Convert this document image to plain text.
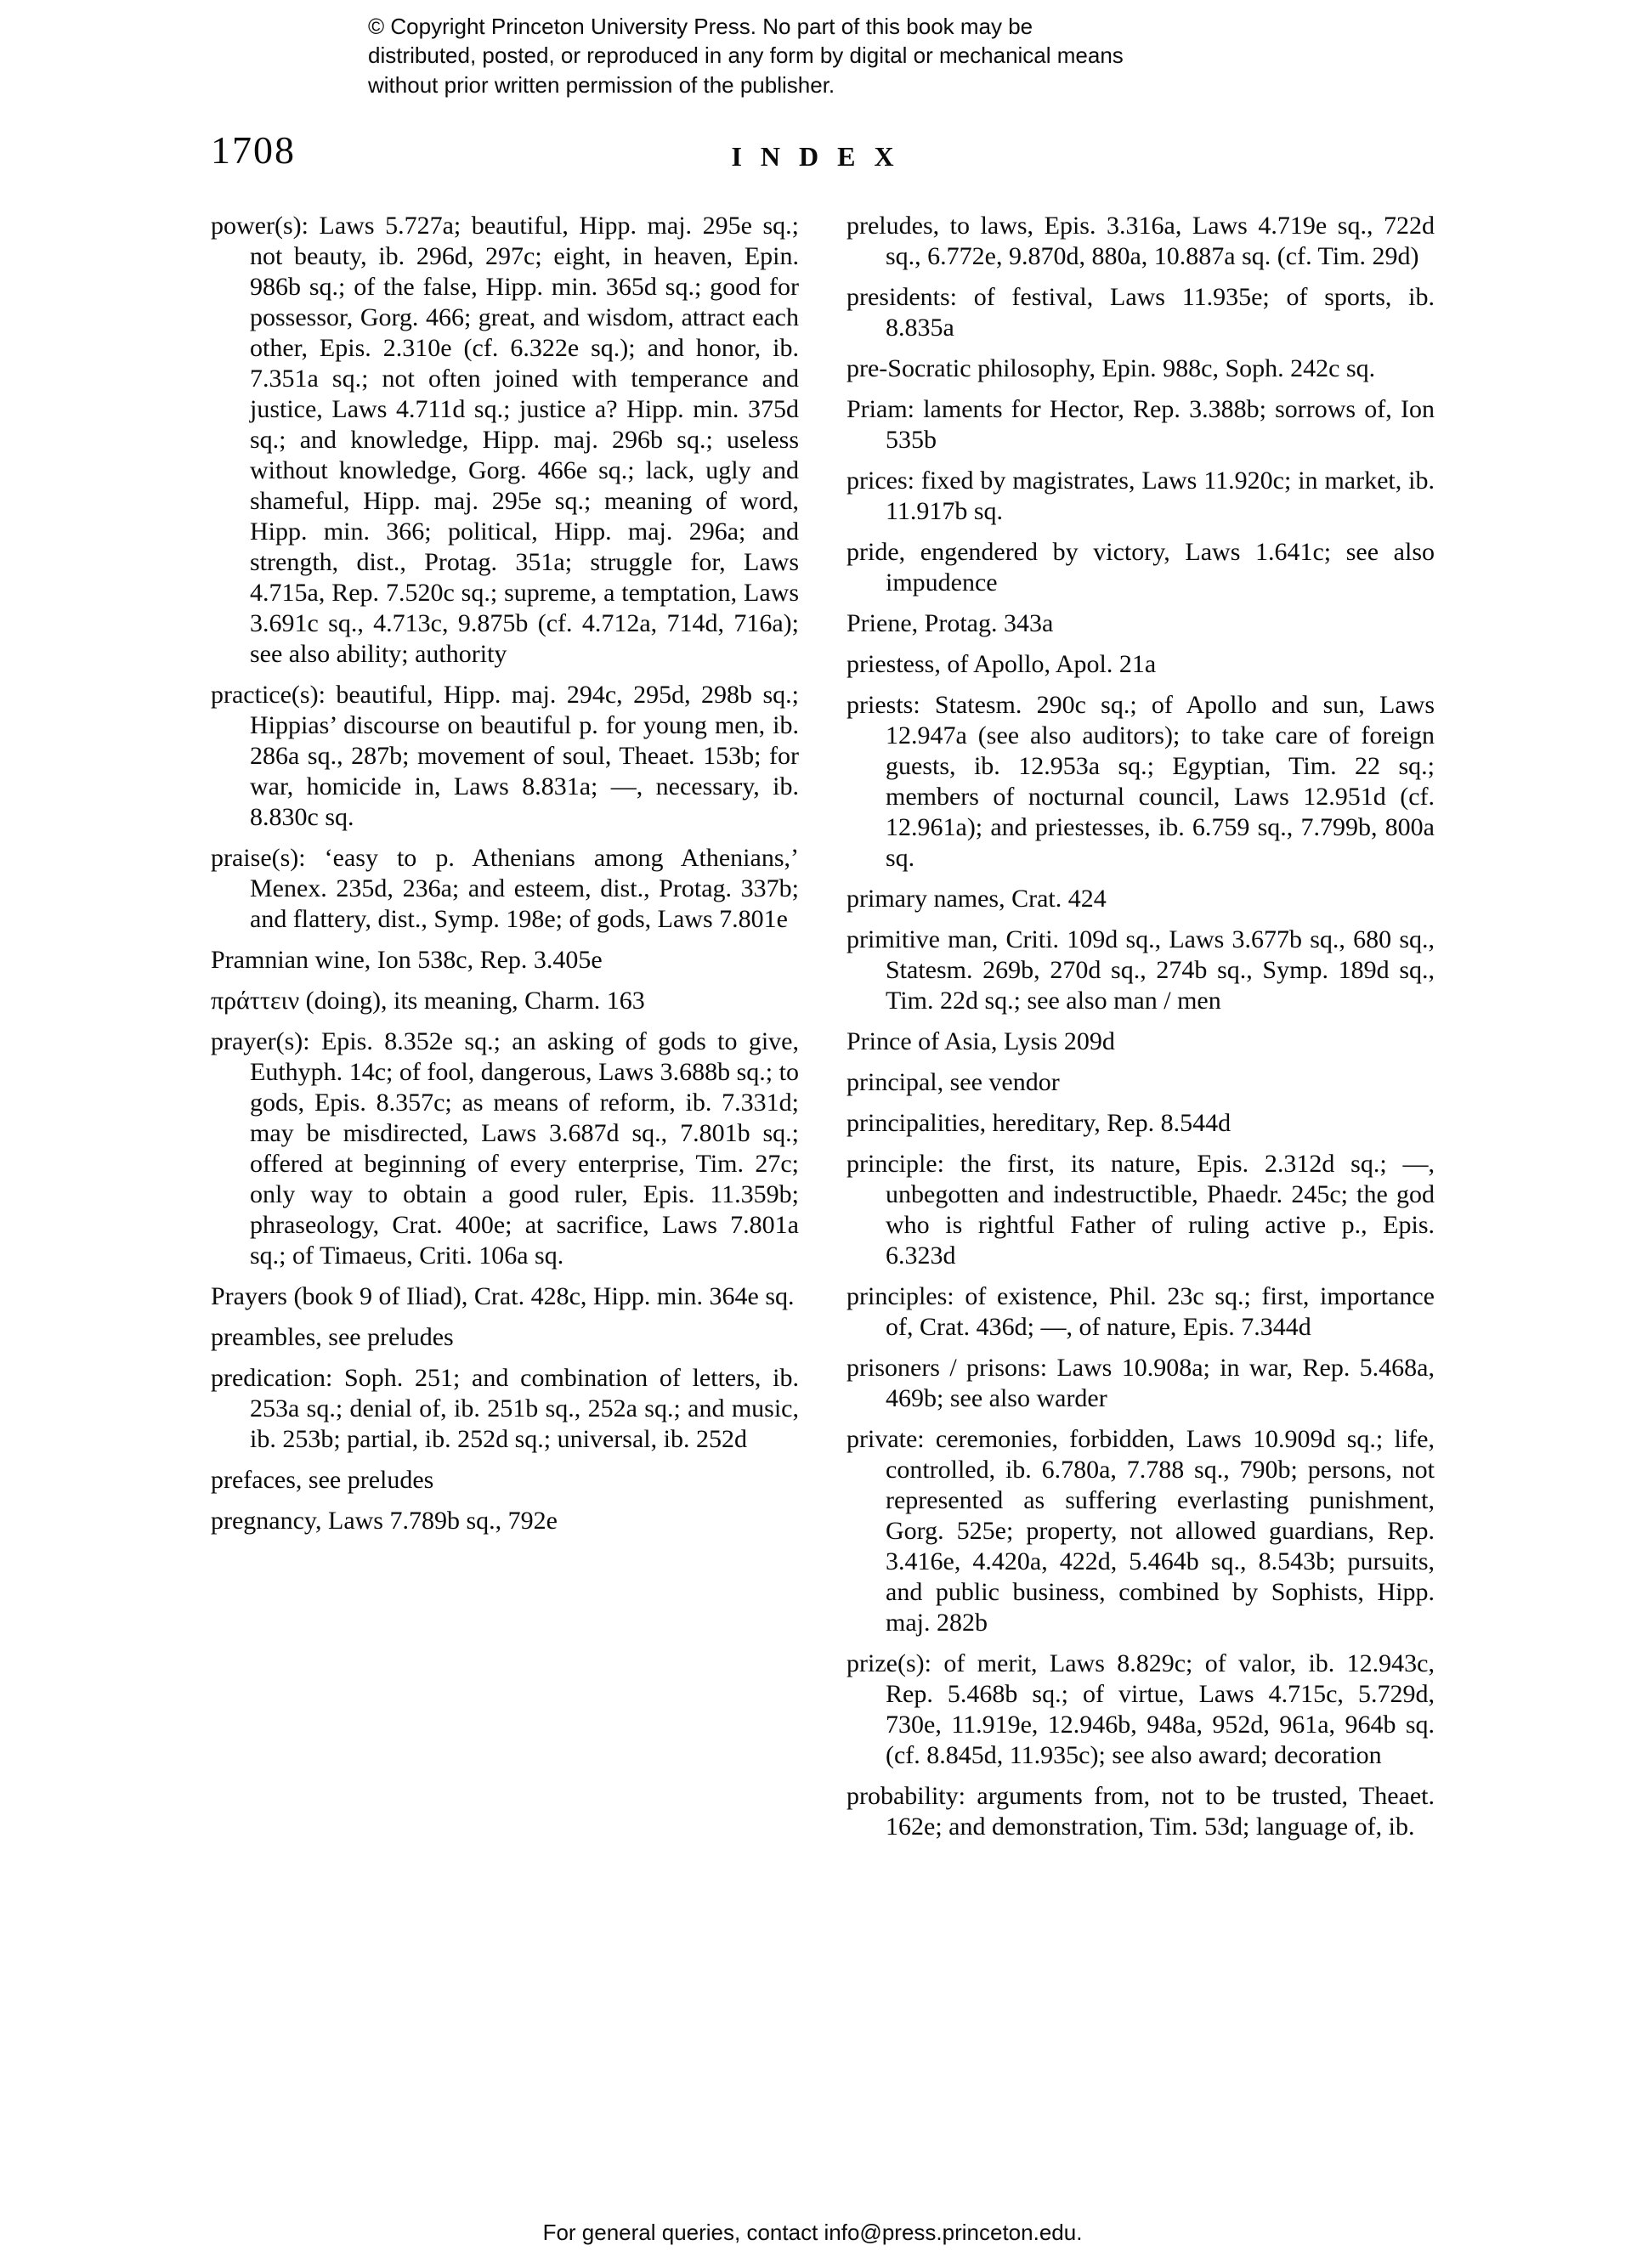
© Copyright Princeton University Press. No part of this book may be distributed, posted, or reproduced in any form by digital or mechanical means without prior written permission of the publisher.
1708	INDEX

power(s): Laws 5.727a; beautiful, Hipp. maj. 295e sq.; not beauty, ib. 296d, 297c; eight, in heaven, Epin. 986b sq.; of the false, Hipp. min. 365d sq.; good for possessor, Gorg. 466; great, and wisdom, attract each other, Epis. 2.310e (cf. 6.322e sq.); and honor, ib. 7.351a sq.; not often joined with temperance and justice, Laws 4.711d sq.; justice a? Hipp. min. 375d sq.; and knowledge, Hipp. maj. 296b sq.; useless without knowledge, Gorg. 466e sq.; lack, ugly and shameful, Hipp. maj. 295e sq.; meaning of word, Hipp. min. 366; political, Hipp. maj. 296a; and strength, dist., Protag. 351a; struggle for, Laws 4.715a, Rep. 7.520c sq.; supreme, a temptation, Laws 3.691c sq., 4.713c, 9.875b (cf. 4.712a, 714d, 716a); see also ability; authority

practice(s): beautiful, Hipp. maj. 294c, 295d, 298b sq.; Hippias’ discourse on beautiful p. for young men, ib. 286a sq., 287b; movement of soul, Theaet. 153b; for war, homicide in, Laws 8.831a; —, necessary, ib. 8.830c sq.

praise(s): ‘easy to p. Athenians among Athenians,’ Menex. 235d, 236a; and esteem, dist., Protag. 337b; and flattery, dist., Symp. 198e; of gods, Laws 7.801e

Pramnian wine, Ion 538c, Rep. 3.405e

πράττειν (doing), its meaning, Charm. 163

prayer(s): Epis. 8.352e sq.; an asking of gods to give, Euthyph. 14c; of fool, dangerous, Laws 3.688b sq.; to gods, Epis. 8.357c; as means of reform, ib. 7.331d; may be misdirected, Laws 3.687d sq., 7.801b sq.; offered at beginning of every enterprise, Tim. 27c; only way to obtain a good ruler, Epis. 11.359b; phraseology, Crat. 400e; at sacrifice, Laws 7.801a sq.; of Timaeus, Criti. 106a sq.

Prayers (book 9 of Iliad), Crat. 428c, Hipp. min. 364e sq.

preambles, see preludes

predication: Soph. 251; and combination of letters, ib. 253a sq.; denial of, ib. 251b sq., 252a sq.; and music, ib. 253b; partial, ib. 252d sq.; universal, ib. 252d

prefaces, see preludes

pregnancy, Laws 7.789b sq., 792e

preludes, to laws, Epis. 3.316a, Laws 4.719e sq., 722d sq., 6.772e, 9.870d, 880a, 10.887a sq. (cf. Tim. 29d)

presidents: of festival, Laws 11.935e; of sports, ib. 8.835a

pre-Socratic philosophy, Epin. 988c, Soph. 242c sq.

Priam: laments for Hector, Rep. 3.388b; sorrows of, Ion 535b

prices: fixed by magistrates, Laws 11.920c; in market, ib. 11.917b sq.

pride, engendered by victory, Laws 1.641c; see also impudence

Priene, Protag. 343a

priestess, of Apollo, Apol. 21a

priests: Statesm. 290c sq.; of Apollo and sun, Laws 12.947a (see also auditors); to take care of foreign guests, ib. 12.953a sq.; Egyptian, Tim. 22 sq.; members of nocturnal council, Laws 12.951d (cf. 12.961a); and priestesses, ib. 6.759 sq., 7.799b, 800a sq.

primary names, Crat. 424

primitive man, Criti. 109d sq., Laws 3.677b sq., 680 sq., Statesm. 269b, 270d sq., 274b sq., Symp. 189d sq., Tim. 22d sq.; see also man / men

Prince of Asia, Lysis 209d

principal, see vendor

principalities, hereditary, Rep. 8.544d

principle: the first, its nature, Epis. 2.312d sq.; —, unbegotten and indestructible, Phaedr. 245c; the god who is rightful Father of ruling active p., Epis. 6.323d

principles: of existence, Phil. 23c sq.; first, importance of, Crat. 436d; —, of nature, Epis. 7.344d

prisoners / prisons: Laws 10.908a; in war, Rep. 5.468a, 469b; see also warder

private: ceremonies, forbidden, Laws 10.909d sq.; life, controlled, ib. 6.780a, 7.788 sq., 790b; persons, not represented as suffering everlasting punishment, Gorg. 525e; property, not allowed guardians, Rep. 3.416e, 4.420a, 422d, 5.464b sq., 8.543b; pursuits, and public business, combined by Sophists, Hipp. maj. 282b

prize(s): of merit, Laws 8.829c; of valor, ib. 12.943c, Rep. 5.468b sq.; of virtue, Laws 4.715c, 5.729d, 730e, 11.919e, 12.946b, 948a, 952d, 961a, 964b sq. (cf. 8.845d, 11.935c); see also award; decoration

probability: arguments from, not to be trusted, Theaet. 162e; and demonstration, Tim. 53d; language of, ib.

For general queries, contact info@press.princeton.edu.
